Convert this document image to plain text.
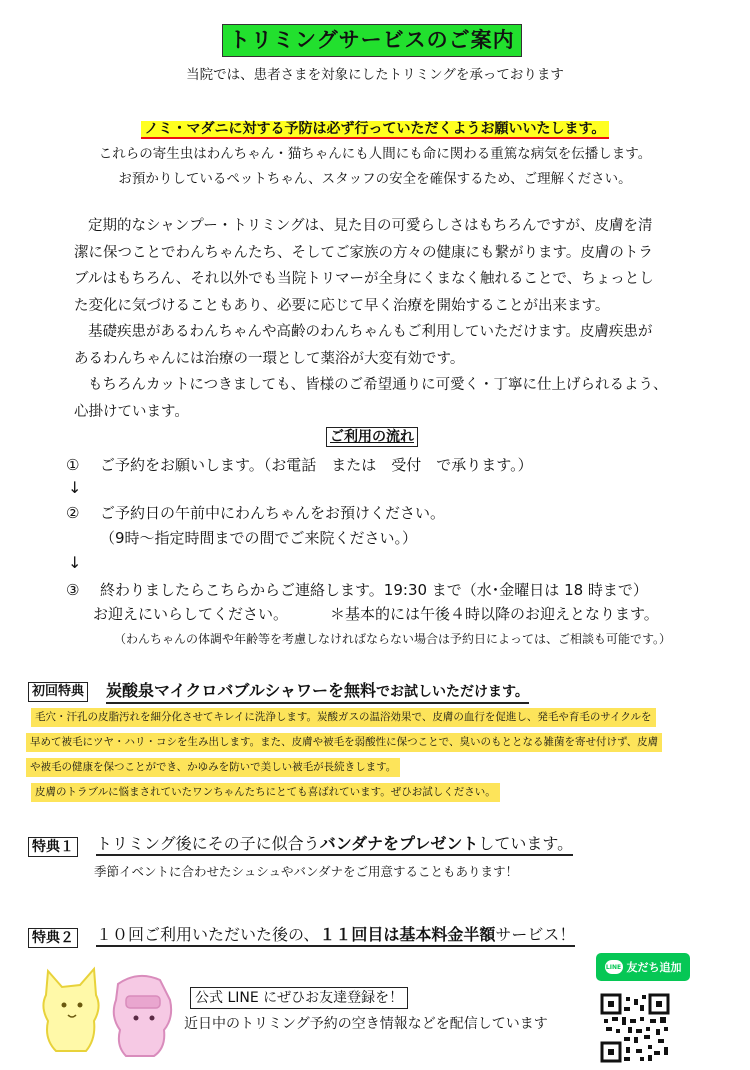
トリミングサービスのご案内
当院では、患者さまを対象にしたトリミングを承っております
ノミ・マダニに対する予防は必ず行っていただくようお願いいたします。
これらの寄生虫はわんちゃん・猫ちゃんにも人間にも命に関わる重篤な病気を伝播します。
お預かりしているペットちゃん、スタッフの安全を確保するため、ご理解ください。

定期的なシャンプー・トリミングは、見た目の可愛らしさはもちろんですが、皮膚を清

潔に保つことでわんちゃんたち、そしてご家族の方々の健康にも繋がります。皮膚のトラ

ブルはもちろん、それ以外でも当院トリマーが全身にくまなく触れることで、ちょっとし

た変化に気づけることもあり、必要に応じて早く治療を開始することが出来ます。

基礎疾患があるわんちゃんや高齢のわんちゃんもご利用していただけます。皮膚疾患が

あるわんちゃんには治療の一環として薬浴が大変有効です。

もちろんカットにつきましても、皆様のご希望通りに可愛く・丁寧に仕上げられるよう、

心掛けています。

ご利用の流れ
① ご予約をお願いします。（お電話　または　受付　で承ります。）
↓
② ご予約日の午前中にわんちゃんをお預けください。
（9時～指定時間までの間でご来院ください。）
↓
③ 終わりましたらこちらからご連絡します。19:30 まで（水･金曜日は 18 時まで）
お迎えにいらしてください。	＊基本的には午後４時以降のお迎えとなります。
（わんちゃんの体調や年齢等を考慮しなければならない場合は予約日によっては、ご相談も可能です。）
初回特典 炭酸泉マイクロバブルシャワーを無料でお試しいただけます。
毛穴・汗孔の皮脂汚れを細分化させてキレイに洗浄します。炭酸ガスの温浴効果で、皮膚の血行を促進し、発毛や育毛のサイクルを
早めて被毛にツヤ・ハリ・コシを生み出します。また、皮膚や被毛を弱酸性に保つことで、臭いのもととなる雑菌を寄せ付けず、皮膚
や被毛の健康を保つことができ、かゆみを防いで美しい被毛が長続きします。
皮膚のトラブルに悩まされていたワンちゃんたちにとても喜ばれています。ぜひお試しください。
特典１ トリミング後にその子に似合うバンダナをプレゼントしています。
季節イベントに合わせたシュシュやバンダナをご用意することもあります！
特典２ １０回ご利用いただいた後の、１１回目は基本料金半額サービス！
公式 LINE にぜひお友達登録を！
近日中のトリミング予約の空き情報などを配信しています
LINE 友だち追加
